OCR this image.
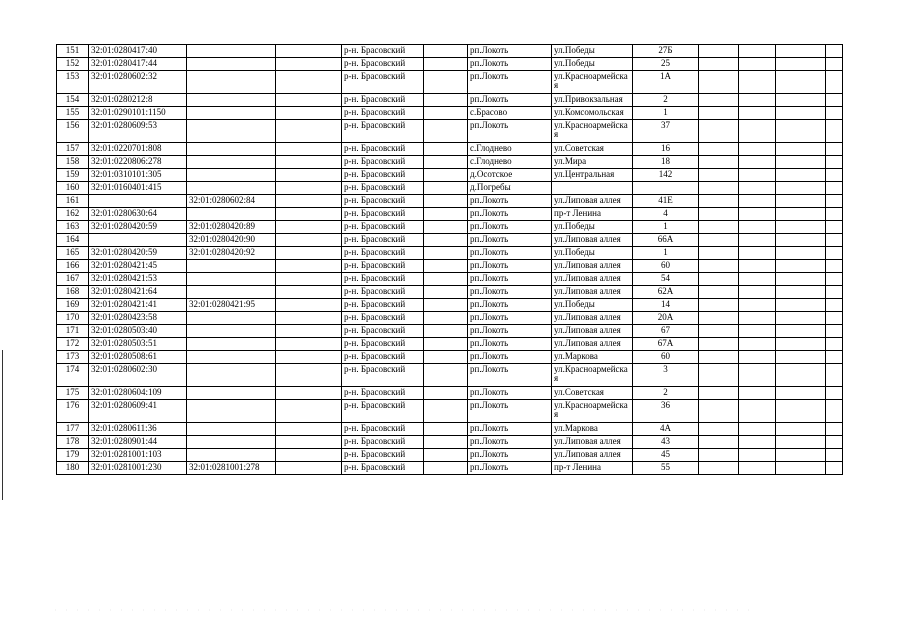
151	32:01:0280417:40			р-н. Брасовский		рп.Локоть	ул.Победы	27Б				
152	32:01:0280417:44			р-н. Брасовский		рп.Локоть	ул.Победы	25				
153	32:01:0280602:32			р-н. Брасовский		рп.Локоть	ул.Красноармейская	1А				
154	32:01:0280212:8			р-н. Брасовский		рп.Локоть	ул.Привокзальная	2				
155	32:01:0290101:1150			р-н. Брасовский		с.Брасово	ул.Комсомольская	1				
156	32:01:0280609:53			р-н. Брасовский		рп.Локоть	ул.Красноармейская	37				
157	32:01:0220701:808			р-н. Брасовский		с.Глодневo	ул.Советская	16				
158	32:01:0220806:278			р-н. Брасовский		с.Глоднево	ул.Мира	18				
159	32:01:0310101:305			р-н. Брасовский		д.Осотское	ул.Центральная	142				
160	32:01:0160401:415			р-н. Брасовский		д.Погребы						
161		32:01:0280602:84		р-н. Брасовский		рп.Локоть	ул.Липовая аллея	41Е				
162	32:01:0280630:64			р-н. Брасовский		рп.Локоть	пр-т Ленина	4				
163	32:01:0280420:59	32:01:0280420:89		р-н. Брасовский		рп.Локоть	ул.Победы	1				
164		32:01:0280420:90		р-н. Брасовский		рп.Локоть	ул.Липовая аллея	66А				
165	32:01:0280420:59	32:01:0280420:92		р-н. Брасовский		рп.Локоть	ул.Победы	1				
166	32:01:0280421:45			р-н. Брасовский		рп.Локоть	ул.Липовая аллея	60				
167	32:01:0280421:53			р-н. Брасовский		рп.Локоть	ул.Липовая аллея	54				
168	32:01:0280421:64			р-н. Брасовский		рп.Локоть	ул.Липовая аллея	62А				
169	32:01:0280421:41	32:01:0280421:95		р-н. Брасовский		рп.Локоть	ул.Победы	14				
170	32:01:0280423:58			р-н. Брасовский		рп.Локоть	ул.Липовая аллея	20А				
171	32:01:0280503:40			р-н. Брасовский		рп.Локоть	ул.Липовая аллея	67				
172	32:01:0280503:51			р-н. Брасовский		рп.Локоть	ул.Липовая аллея	67А				
173	32:01:0280508:61			р-н. Брасовский		рп.Локоть	ул.Маркова	60				
174	32:01:0280602:30			р-н. Брасовский		рп.Локоть	ул.Красноармейская	3				
175	32:01:0280604:109			р-н. Брасовский		рп.Локоть	ул.Советская	2				
176	32:01:0280609:41			р-н. Брасовский		рп.Локоть	ул.Красноармейская	36				
177	32:01:0280611:36			р-н. Брасовский		рп.Локоть	ул.Маркова	4А				
178	32:01:0280901:44			р-н. Брасовский		рп.Локоть	ул.Липовая аллея	43				
179	32:01:0281001:103			р-н. Брасовский		рп.Локоть	ул.Липовая аллея	45				
180	32:01:0281001:230	32:01:0281001:278		р-н. Брасовский		рп.Локоть	пр-т Ленина	55				
